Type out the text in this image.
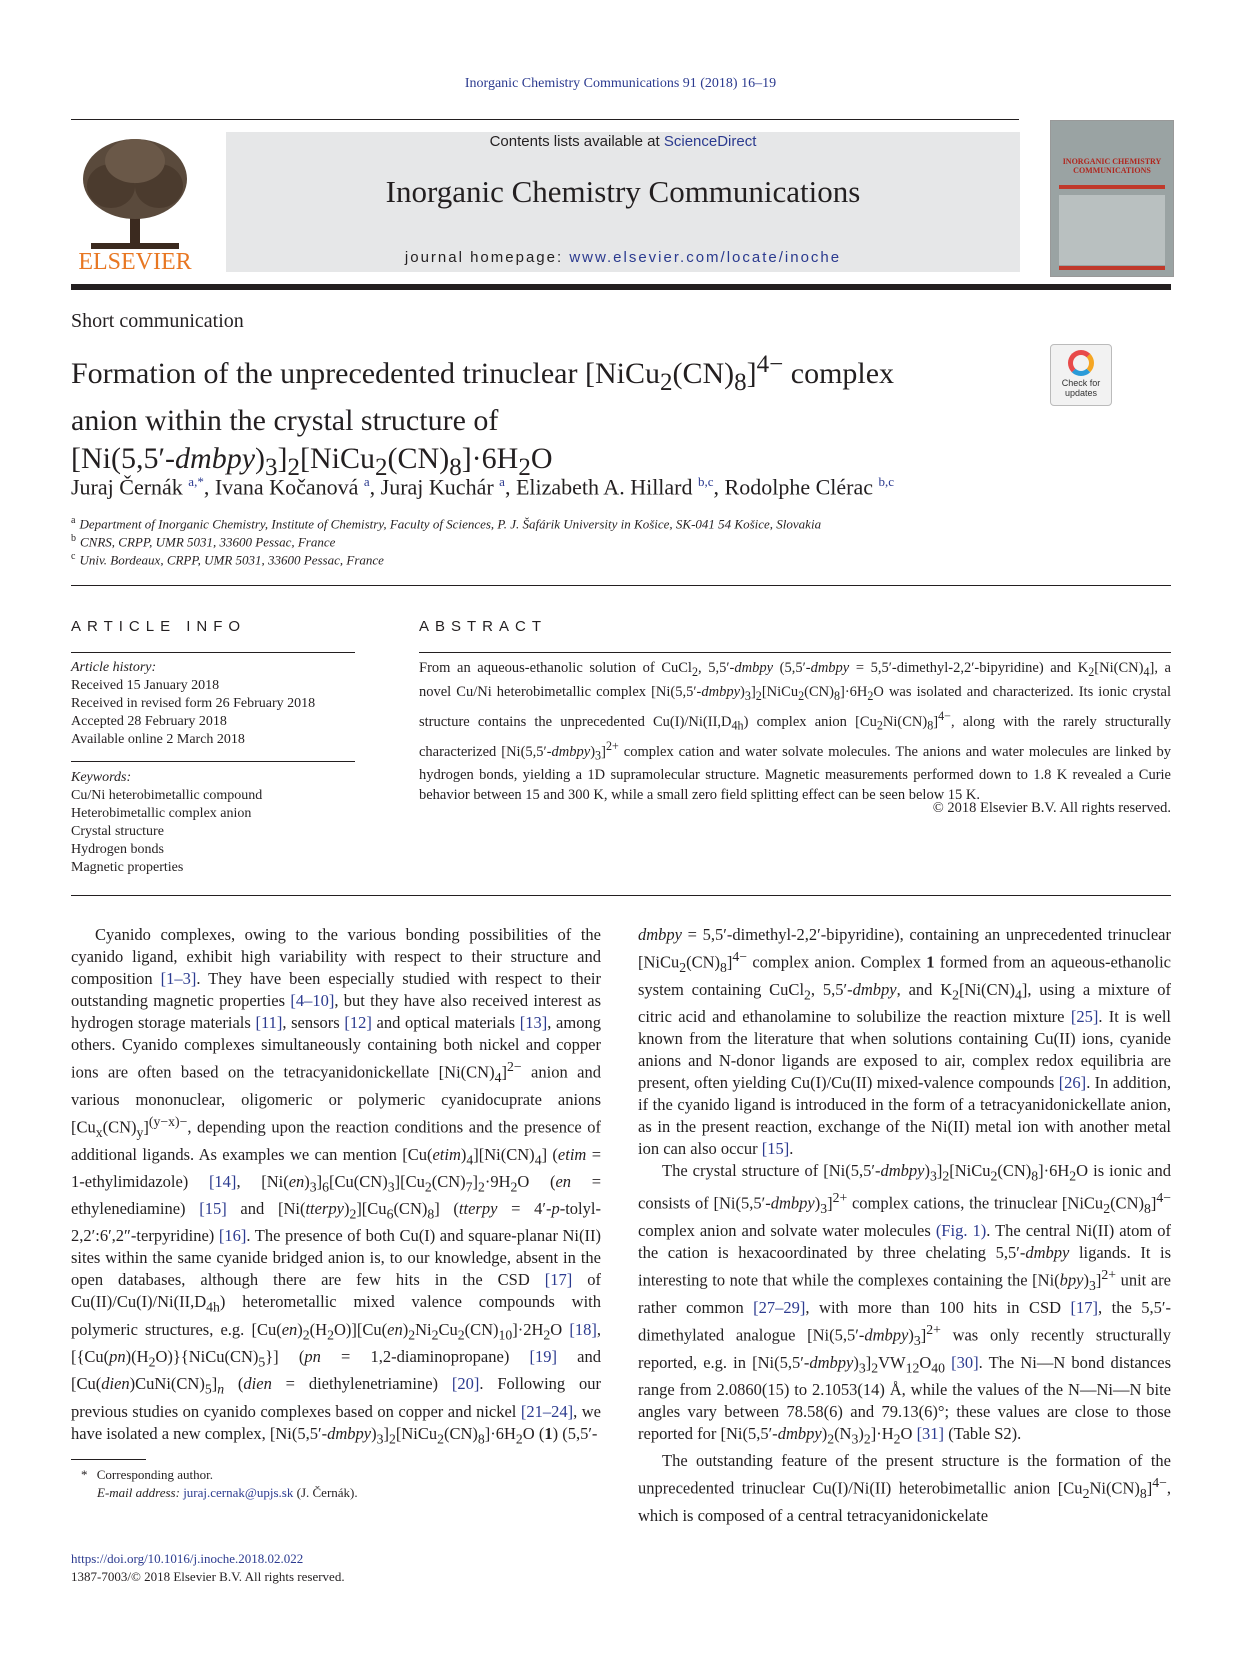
Inorganic Chemistry Communications 91 (2018) 16–19
ELSEVIER
Contents lists available at ScienceDirect
Inorganic Chemistry Communications
journal homepage: www.elsevier.com/locate/inoche
INORGANIC CHEMISTRY COMMUNICATIONS
Short communication
Formation of the unprecedented trinuclear $[NiCu_2(CN)_8]^{4-}$ complex
anion within the crystal structure of
$[Ni(5,5'-dmbpy)_3]_2[NiCu_2(CN)_8]\cdot 6H_2O$
Check for
updates
Juraj Černák $^{a,*}$, Ivana Kočanová $^a$, Juraj Kuchár $^a$, Elizabeth A. Hillard $^{b,c}$, Rodolphe Clérac $^{b,c}$
$^a$ Department of Inorganic Chemistry, Institute of Chemistry, Faculty of Sciences, P. J. Šafárik University in Košice, SK-041 54 Košice, Slovakia
$^b$ CNRS, CRPP, UMR 5031, 33600 Pessac, France
$^c$ Univ. Bordeaux, CRPP, UMR 5031, 33600 Pessac, France
ARTICLE INFO
Article history:
Received 15 January 2018
Received in revised form 26 February 2018
Accepted 28 February 2018
Available online 2 March 2018
Keywords:
Cu/Ni heterobimetallic compound
Heterobimetallic complex anion
Crystal structure
Hydrogen bonds
Magnetic properties
ABSTRACT
From an aqueous-ethanolic solution of CuCl$_2$, 5,5′-dmbpy (5,5′-dmbpy = 5,5′-dimethyl-2,2′-bipyridine) and $K_2[Ni(CN)_4]$, a novel Cu/Ni heterobimetallic complex $[Ni(5,5'-dmbpy)_3]_2[NiCu_2(CN)_8]\cdot 6H_2O$ was isolated and characterized. Its ionic crystal structure contains the unprecedented $Cu(I)/Ni(II,D_{4h})$ complex anion $[Cu_2Ni(CN)_8]^{4-}$, along with the rarely structurally characterized $[Ni(5,5'-dmbpy)_3]^{2+}$ complex cation and water solvate molecules. The anions and water molecules are linked by hydrogen bonds, yielding a 1D supramolecular structure. Magnetic measurements performed down to 1.8 K revealed a Curie behavior between 15 and 300 K, while a small zero field splitting effect can be seen below 15 K.
© 2018 Elsevier B.V. All rights reserved.

Cyanido complexes, owing to the various bonding possibilities of the cyanido ligand, exhibit high variability with respect to their structure and composition [1–3]. They have been especially studied with respect to their outstanding magnetic properties [4–10], but they have also received interest as hydrogen storage materials [11], sensors [12] and optical materials [13], among others. Cyanido complexes simultaneously containing both nickel and copper ions are often based on the tetracyanidonickellate $[Ni(CN)_4]^{2-}$ anion and various mononuclear, oligomeric or polymeric cyanidocuprate anions $[Cu_x(CN)_y]^{(y-x)-}$, depending upon the reaction conditions and the presence of additional ligands. As examples we can mention $[Cu(etim)_4][Ni(CN)_4]$ (etim = 1-ethylimidazole) [14], $[Ni(en)_3]_6[Cu(CN)_3][Cu_2(CN)_7]_2\cdot 9H_2O$ (en = ethylenediamine) [15] and $[Ni(tterpy)_2][Cu_6(CN)_8]$ (tterpy = 4′-p-tolyl-2,2′:6′,2″-terpyridine) [16]. The presence of both Cu(I) and square-planar Ni(II) sites within the same cyanide bridged anion is, to our knowledge, absent in the open databases, although there are few hits in the CSD [17] of $Cu(II)/Cu(I)/Ni(II,D_{4h})$ heterometallic mixed valence compounds with polymeric structures, e.g. $[Cu(en)_2(H_2O)][Cu(en)_2Ni_2Cu_2(CN)_{10}]\cdot 2H_2O$ [18], $[\{Cu(pn)(H_2O)\}\{NiCu(CN)_5\}] (pn$ = 1,2-diaminopropane) [19] and $[Cu(dien)CuNi(CN)_5]_n$ (dien = diethylenetriamine) [20]. Following our previous studies on cyanido complexes based on copper and nickel [21–24], we have isolated a new complex, $[Ni(5,5'-dmbpy)_3]_2[NiCu_2(CN)_8]\cdot 6H_2O$ (1) (5,5′-

dmbpy = 5,5′-dimethyl-2,2′-bipyridine), containing an unprecedented trinuclear $[NiCu_2(CN)_8]^{4-}$ complex anion. Complex 1 formed from an aqueous-ethanolic system containing CuCl$_2$, 5,5′-dmbpy, and $K_2[Ni(CN)_4]$, using a mixture of citric acid and ethanolamine to solubilize the reaction mixture [25]. It is well known from the literature that when solutions containing Cu(II) ions, cyanide anions and N-donor ligands are exposed to air, complex redox equilibria are present, often yielding Cu(I)/Cu(II) mixed-valence compounds [26]. In addition, if the cyanido ligand is introduced in the form of a tetracyanidonickellate anion, as in the present reaction, exchange of the Ni(II) metal ion with another metal ion can also occur [15].

The crystal structure of $[Ni(5,5'-dmbpy)_3]_2[NiCu_2(CN)_8]\cdot 6H_2O$ is ionic and consists of $[Ni(5,5'-dmbpy)_3]^{2+}$ complex cations, the trinuclear $[NiCu_2(CN)_8]^{4-}$ complex anion and solvate water molecules (Fig. 1). The central Ni(II) atom of the cation is hexacoordinated by three chelating 5,5′-dmbpy ligands. It is interesting to note that while the complexes containing the $[Ni(bpy)_3]^{2+}$ unit are rather common [27–29], with more than 100 hits in CSD [17], the 5,5′-dimethylated analogue $[Ni(5,5'-dmbpy)_3]^{2+}$ was only recently structurally reported, e.g. in $[Ni(5,5'-dmbpy)_3]_2VW_{12}O_{40}$ [30]. The Ni—N bond distances range from 2.0860(15) to 2.1053(14) Å, while the values of the N—Ni—N bite angles vary between 78.58(6) and 79.13(6)°; these values are close to those reported for $[Ni(5,5'-dmbpy)_2(N_3)_2]\cdot H_2O$ [31] (Table S2).

The outstanding feature of the present structure is the formation of the unprecedented trinuclear Cu(I)/Ni(II) heterobimetallic anion $[Cu_2Ni(CN)_8]^{4-}$, which is composed of a central tetracyanidonickelate

* Corresponding author.
E-mail address: juraj.cernak@upjs.sk (J. Černák).
https://doi.org/10.1016/j.inoche.2018.02.022
1387-7003/© 2018 Elsevier B.V. All rights reserved.
